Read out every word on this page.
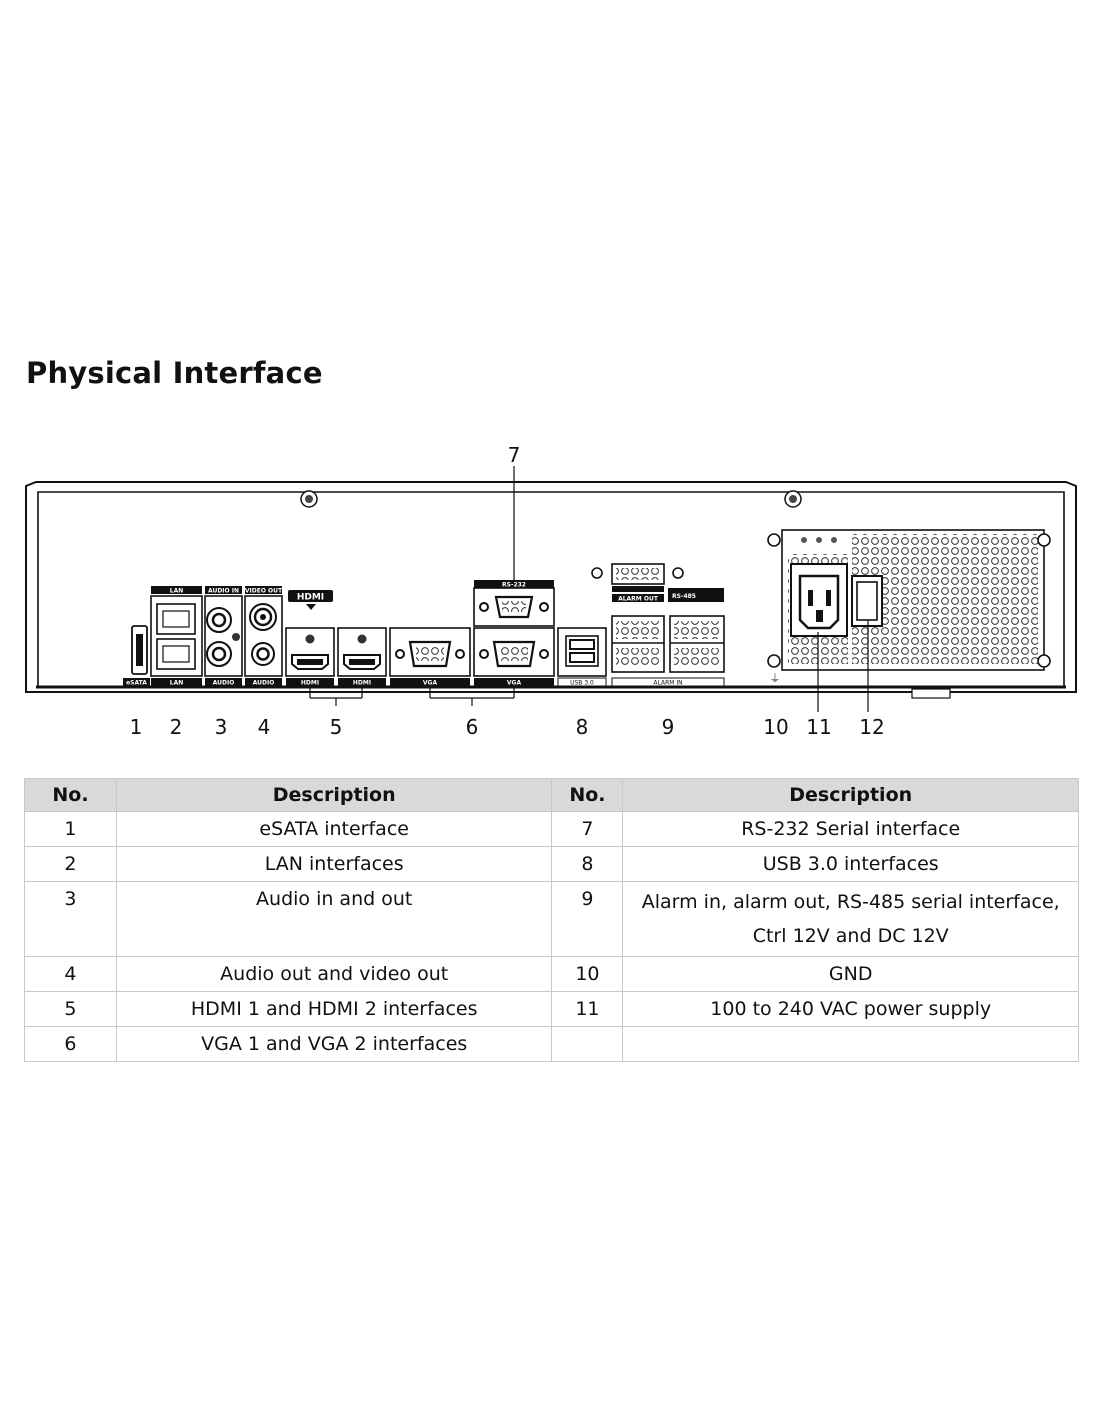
Physical Interface
eSATA
LAN
LAN
AUDIO IN
AUDIO
VIDEO OUT
AUDIO
HDMI
HDMI	HDMI	VGA	VGA
RS-232
USB 3.0
ALARM OUT RS-485
ALARM IN	⏚
7
1 2 3 4	5	6	8	9	10 11 12
No.	Description	No.	Description
1	eSATA interface	7	RS-232 Serial interface
2	LAN interfaces	8	USB 3.0 interfaces
3	Audio in and out	9	Alarm in, alarm out, RS-485 serial interface,
Ctrl 12V and DC 12V

4	Audio out and video out	10	GND
5	HDMI 1 and HDMI 2 interfaces	11	100 to 240 VAC power supply
6	VGA 1 and VGA 2 interfaces		
